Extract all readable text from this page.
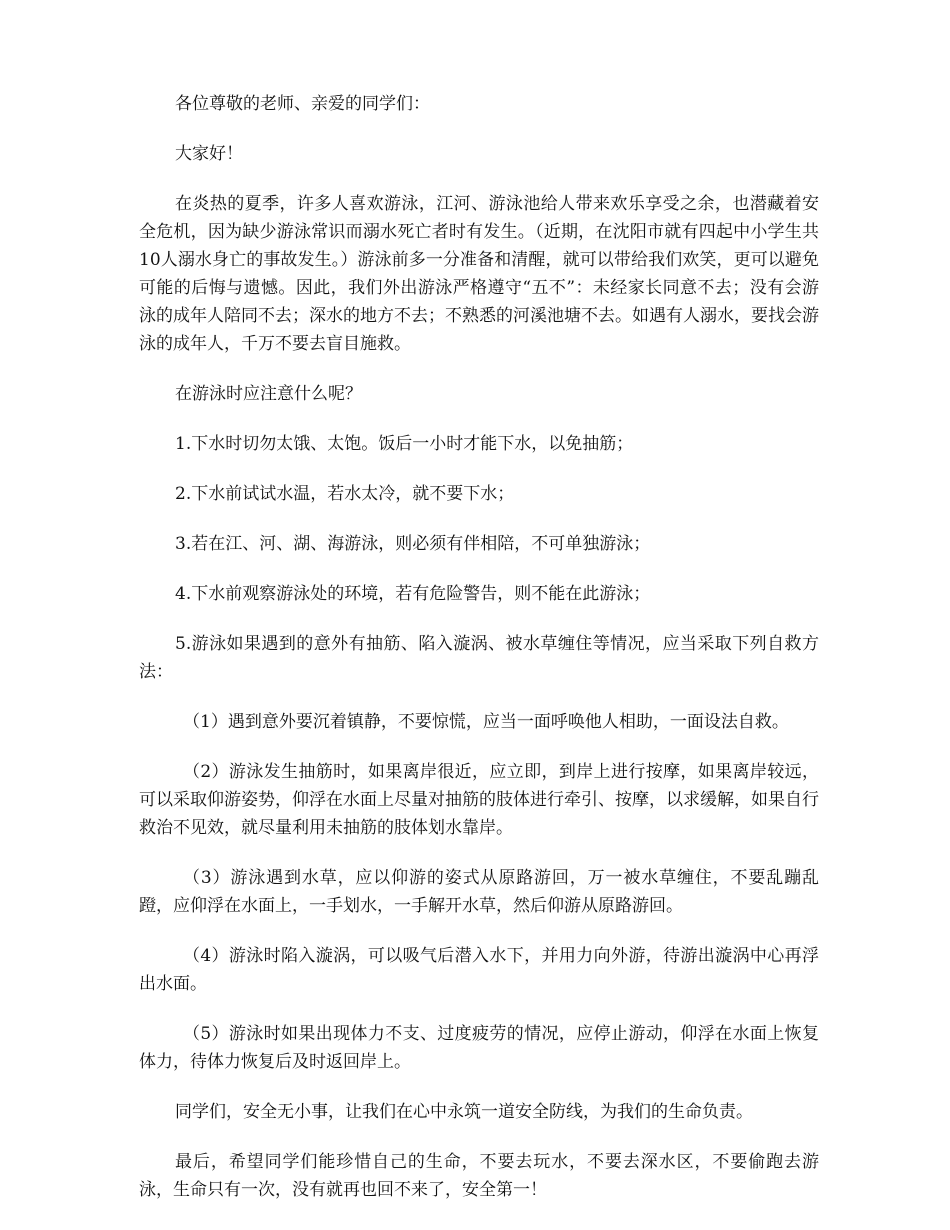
各位尊敬的老师、亲爱的同学们：

大家好！

在炎热的夏季，许多人喜欢游泳，江河、游泳池给人带来欢乐享受之余，也潜藏着安全危机，因为缺少游泳常识而溺水死亡者时有发生。（近期，在沈阳市就有四起中小学生共10人溺水身亡的事故发生。）游泳前多一分准备和清醒，就可以带给我们欢笑，更可以避免可能的后悔与遗憾。因此，我们外出游泳严格遵守“五不”：未经家长同意不去；没有会游泳的成年人陪同不去；深水的地方不去；不熟悉的河溪池塘不去。如遇有人溺水，要找会游泳的成年人，千万不要去盲目施救。

在游泳时应注意什么呢？

1.下水时切勿太饿、太饱。饭后一小时才能下水，以免抽筋；

2.下水前试试水温，若水太冷，就不要下水；

3.若在江、河、湖、海游泳，则必须有伴相陪，不可单独游泳；

4.下水前观察游泳处的环境，若有危险警告，则不能在此游泳；

5.游泳如果遇到的意外有抽筋、陷入漩涡、被水草缠住等情况，应当采取下列自救方法：

（1）遇到意外要沉着镇静，不要惊慌，应当一面呼唤他人相助，一面设法自救。

（2）游泳发生抽筋时，如果离岸很近，应立即，到岸上进行按摩，如果离岸较远，可以采取仰游姿势，仰浮在水面上尽量对抽筋的肢体进行牵引、按摩，以求缓解，如果自行救治不见效，就尽量利用未抽筋的肢体划水靠岸。

（3）游泳遇到水草，应以仰游的姿式从原路游回，万一被水草缠住，不要乱蹦乱蹬，应仰浮在水面上，一手划水，一手解开水草，然后仰游从原路游回。

（4）游泳时陷入漩涡，可以吸气后潜入水下，并用力向外游，待游出漩涡中心再浮出水面。

（5）游泳时如果出现体力不支、过度疲劳的情况，应停止游动，仰浮在水面上恢复体力，待体力恢复后及时返回岸上。

同学们，安全无小事，让我们在心中永筑一道安全防线，为我们的生命负责。

最后，希望同学们能珍惜自己的生命，不要去玩水，不要去深水区，不要偷跑去游泳，生命只有一次，没有就再也回不来了，安全第一！
